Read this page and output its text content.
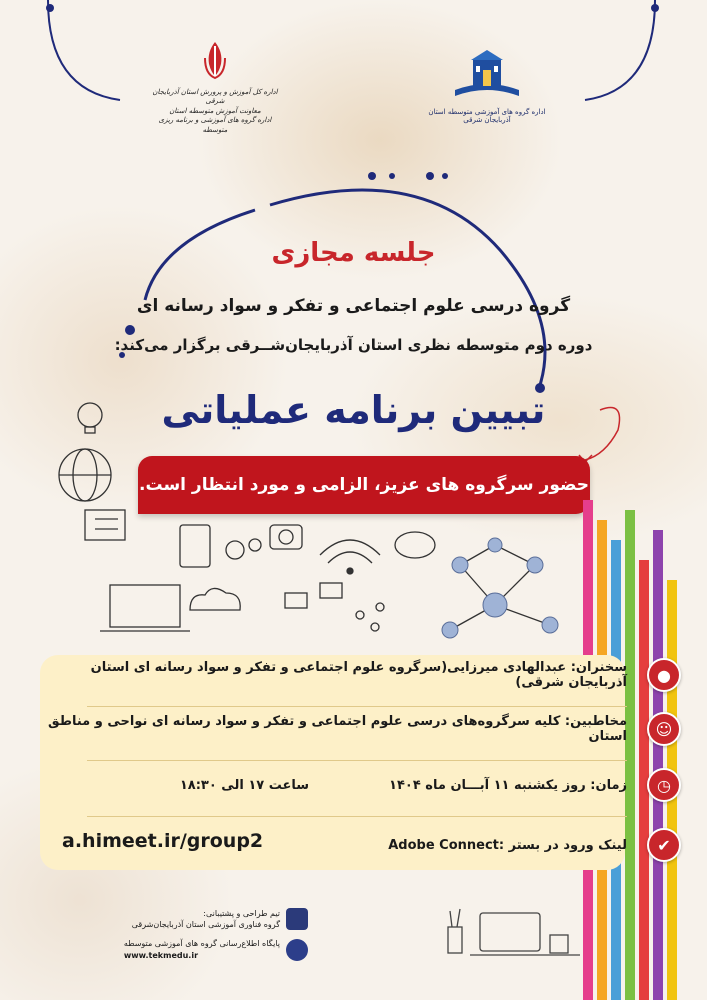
اداره گروه های آموزشی متوسطه استان آذربایجان شرقی
اداره کل آموزش و پرورش استان آذربایجان شرقی
معاونت آموزش متوسطه استان
اداره گروه های آموزشی و برنامه ریزی متوسطه
جلسه مجازی
گروه درسی علوم اجتماعی و تفکر و سواد رسانه ای
دوره دوم متوسطه نظری استان آذربایجان‌شــرقی برگزار می‌کند:
تبیین برنامه عملیاتی
حضور سرگروه های عزیز، الزامی و مورد انتظار است.
●
سخنران: عبدالهادی میرزایی(سرگروه علوم اجتماعی و تفکر و سواد رسانه ای استان آذربایجان شرقی)
☺
مخاطبین: کلیه سرگروه‌های درسی علوم اجتماعی و تفکر و سواد رسانه ای نواحی و مناطق استان
◷
زمان: روز یکشنبه ۱۱ آبـــان ماه ۱۴۰۴
ساعت ۱۷ الی ۱۸:۳۰
✔
لینک ورود در بستر :Adobe Connect
a.himeet.ir/group2
تیم طراحی و پشتیبانی:
گروه فناوری آموزشی استان آذربایجان‌شرقی
پایگاه اطلاع‌رسانی گروه های آموزشی متوسطه
www.tekmedu.ir
